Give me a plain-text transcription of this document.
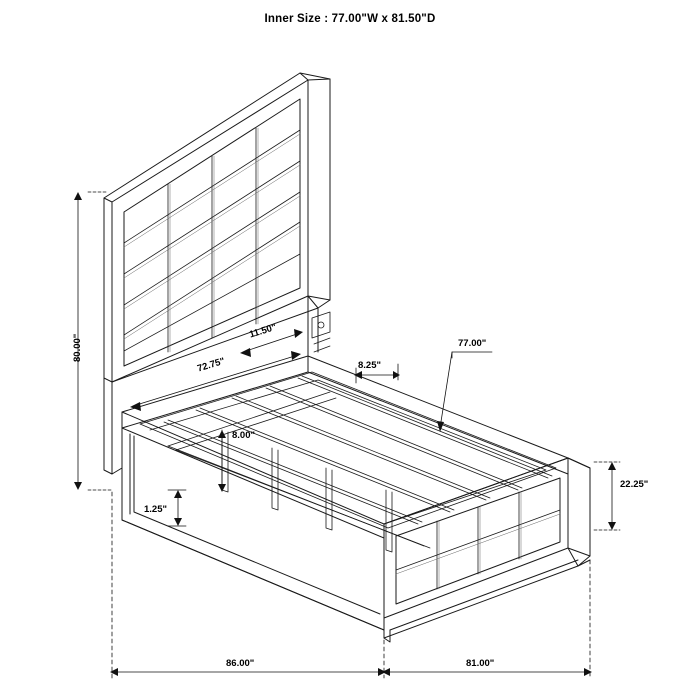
Inner Size : 77.00"W x 81.50"D
80.00"
72.75"
11.50"
8.25"
77.00"
8.00"
1.25"
22.25"
86.00"	81.00"
